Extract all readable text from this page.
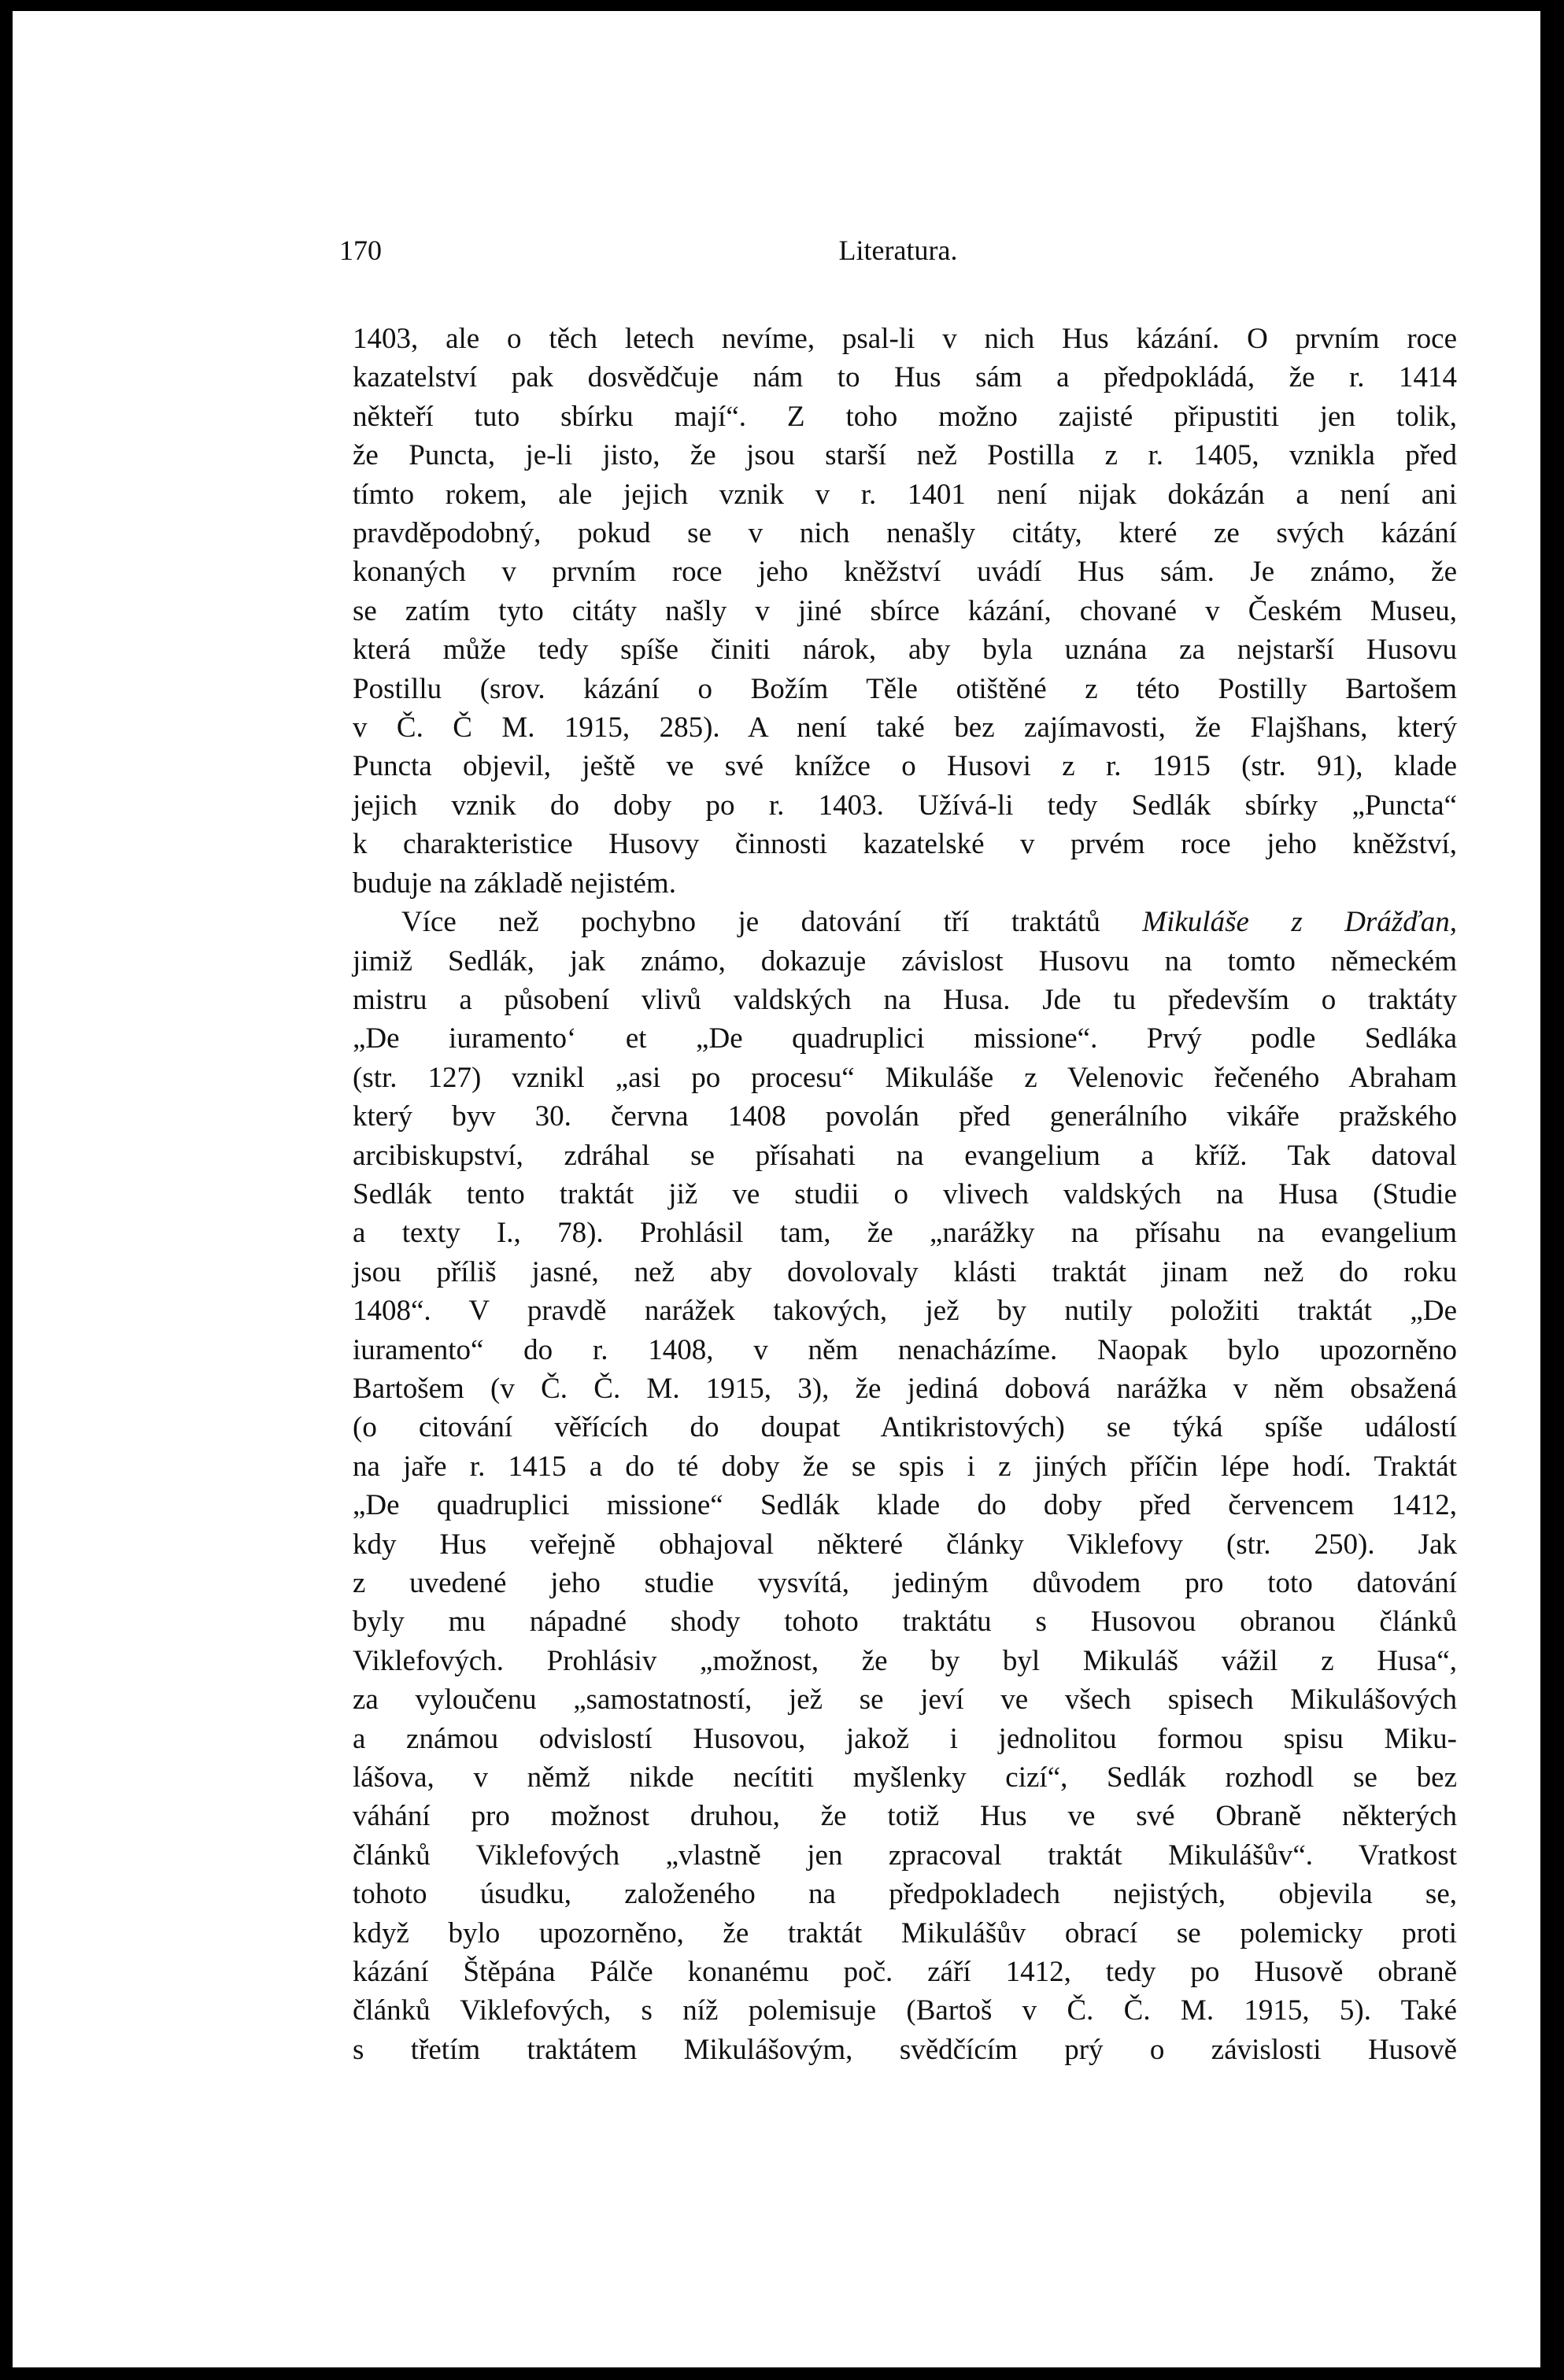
170	Literatura.

1403, ale o těch letech nevíme, psal-li v nich Hus kázání. O prvním roce
kazatelství pak dosvědčuje nám to Hus sám a předpokládá, že r. 1414
někteří tuto sbírku mají“. Z toho možno zajisté připustiti jen tolik,
že Puncta, je-li jisto, že jsou starší než Postilla z r. 1405, vznikla před
tímto rokem, ale jejich vznik v r. 1401 není nijak dokázán a není ani
pravděpodobný, pokud se v nich nenašly citáty, které ze svých kázání
konaných v prvním roce jeho kněžství uvádí Hus sám. Je známo, že
se zatím tyto citáty našly v jiné sbírce kázání, chované v Českém Museu,
která může tedy spíše činiti nárok, aby byla uznána za nejstarší Husovu
Postillu (srov. kázání o Božím Těle otištěné z této Postilly Bartošem
v Č. Č M. 1915, 285). A není také bez zajímavosti, že Flajšhans, který
Puncta objevil, ještě ve své knížce o Husovi z r. 1915 (str. 91), klade
jejich vznik do doby po r. 1403. Užívá-li tedy Sedlák sbírky „Puncta“
k charakteristice Husovy činnosti kazatelské v prvém roce jeho kněžství,
buduje na základě nejistém.

Více než pochybno je datování tří traktátů Mikuláše z Drážďan,
jimiž Sedlák, jak známo, dokazuje závislost Husovu na tomto německém
mistru a působení vlivů valdských na Husa. Jde tu především o traktáty
„De iuramento‘ et „De quadruplici missione“. Prvý podle Sedláka
(str. 127) vznikl „asi po procesu“ Mikuláše z Velenovic řečeného Abraham
který byv 30. června 1408 povolán před generálního vikáře pražského
arcibiskupství, zdráhal se přísahati na evangelium a kříž. Tak datoval
Sedlák tento traktát již ve studii o vlivech valdských na Husa (Studie
a texty I., 78). Prohlásil tam, že „narážky na přísahu na evangelium
jsou příliš jasné, než aby dovolovaly klásti traktát jinam než do roku
1408“. V pravdě narážek takových, jež by nutily položiti traktát „De
iuramento“ do r. 1408, v něm nenacházíme. Naopak bylo upozorněno
Bartošem (v Č. Č. M. 1915, 3), že jediná dobová narážka v něm obsažená
(o citování věřících do doupat Antikristových) se týká spíše událostí
na jaře r. 1415 a do té doby že se spis i z jiných příčin lépe hodí. Traktát
„De quadruplici missione“ Sedlák klade do doby před červencem 1412,
kdy Hus veřejně obhajoval některé články Viklefovy (str. 250). Jak
z uvedené jeho studie vysvítá, jediným důvodem pro toto datování
byly mu nápadné shody tohoto traktátu s Husovou obranou článků
Viklefových. Prohlásiv „možnost, že by byl Mikuláš vážil z Husa“,
za vyloučenu „samostatností, jež se jeví ve všech spisech Mikulášových
a známou odvislostí Husovou, jakož i jednolitou formou spisu Miku-
lášova, v němž nikde necítiti myšlenky cizí“, Sedlák rozhodl se bez
váhání pro možnost druhou, že totiž Hus ve své Obraně některých
článků Viklefových „vlastně jen zpracoval traktát Mikulášův“. Vratkost
tohoto úsudku, založeného na předpokladech nejistých, objevila se,
když bylo upozorněno, že traktát Mikulášův obrací se polemicky proti
kázání Štěpána Pálče konanému poč. září 1412, tedy po Husově obraně
článků Viklefových, s níž polemisuje (Bartoš v Č. Č. M. 1915, 5). Také
s třetím traktátem Mikulášovým, svědčícím prý o závislosti Husově
